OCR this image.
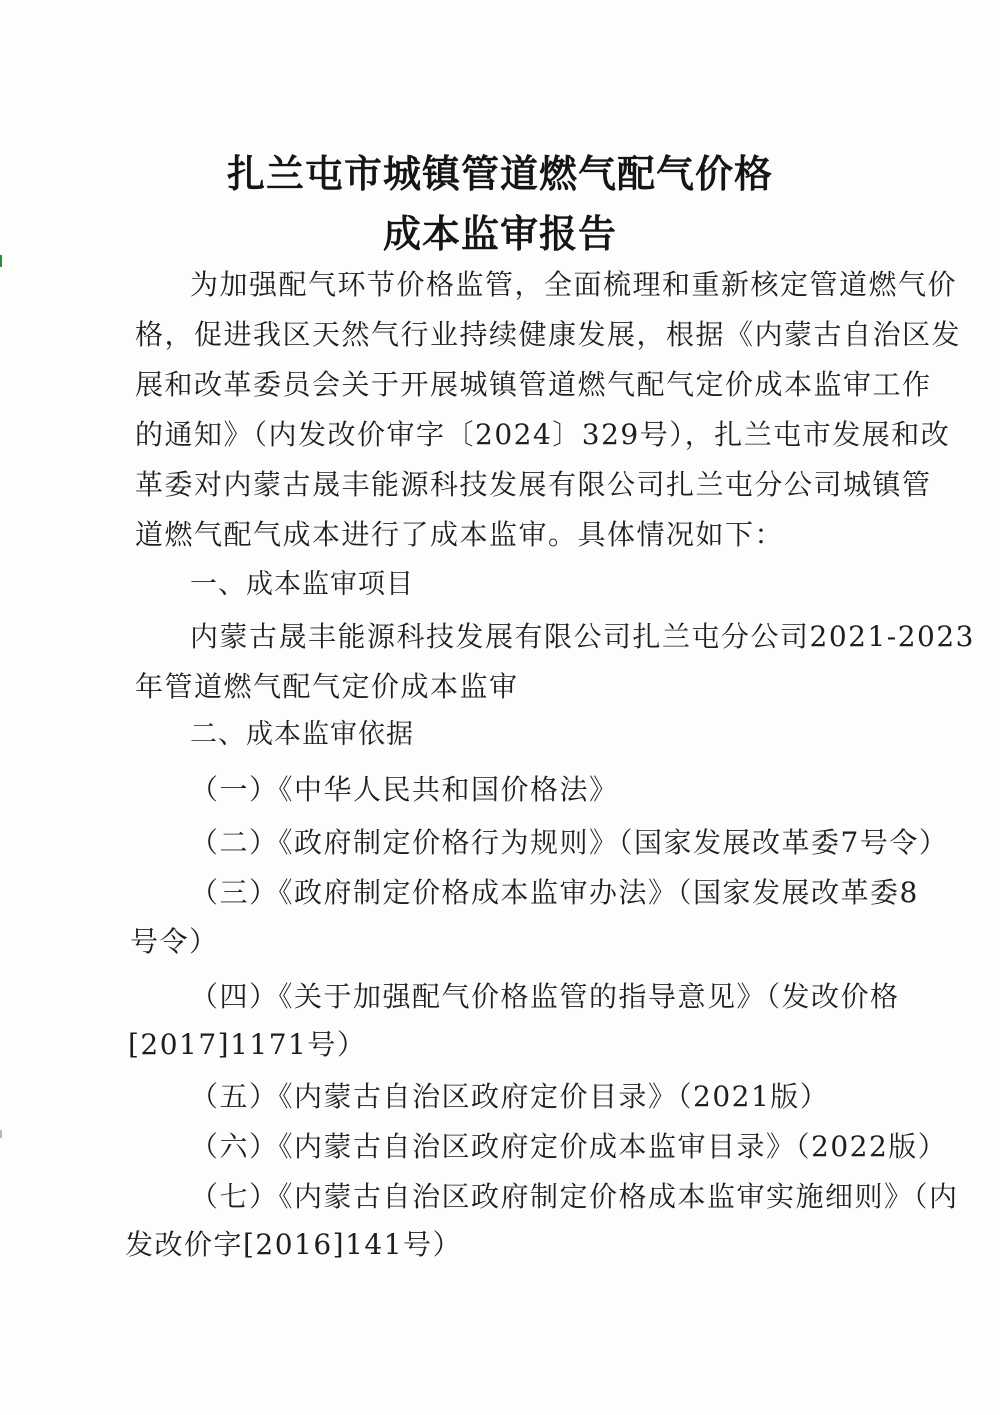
扎兰屯市城镇管道燃气配气价格
成本监审报告
为加强配气环节价格监管，全面梳理和重新核定管道燃气价
格，促进我区天然气行业持续健康发展，根据《内蒙古自治区发
展和改革委员会关于开展城镇管道燃气配气定价成本监审工作
的通知》（内发改价审字〔2024〕329号），扎兰屯市发展和改
革委对内蒙古晟丰能源科技发展有限公司扎兰屯分公司城镇管
道燃气配气成本进行了成本监审。具体情况如下：
一、成本监审项目
内蒙古晟丰能源科技发展有限公司扎兰屯分公司2021-2023
年管道燃气配气定价成本监审
二、成本监审依据
（一）《中华人民共和国价格法》
（二）《政府制定价格行为规则》（国家发展改革委7号令）
（三）《政府制定价格成本监审办法》（国家发展改革委8
号令）
（四）《关于加强配气价格监管的指导意见》（发改价格
[2017]1171号）
（五）《内蒙古自治区政府定价目录》（2021版）
（六）《内蒙古自治区政府定价成本监审目录》（2022版）
（七）《内蒙古自治区政府制定价格成本监审实施细则》（内
发改价字[2016]141号）
